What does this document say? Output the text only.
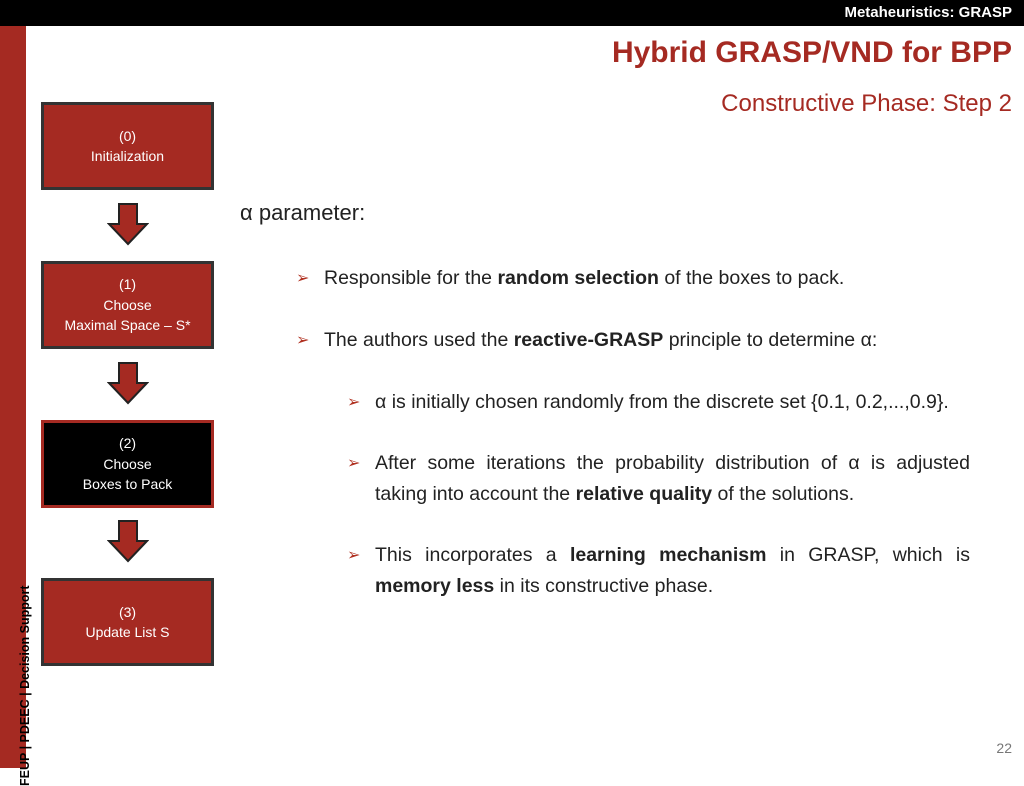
Metaheuristics: GRASP
FEUP | PDEEC | Decision Support
Hybrid GRASP/VND for BPP
Constructive Phase: Step 2
(0)
Initialization
(1)
Choose
Maximal Space – S*
(2)
Choose
Boxes to Pack
(3)
Update List S
α parameter:
➢ Responsible for the random selection of the boxes to pack.
➢ The authors used the reactive-GRASP principle to determine α:
➢ α is initially chosen randomly from the discrete set {0.1, 0.2,...,0.9}.
➢ After some iterations the probability distribution of α is adjusted taking into account the relative quality of the solutions.
➢ This incorporates a learning mechanism in GRASP, which is memory less in its constructive phase.
22
